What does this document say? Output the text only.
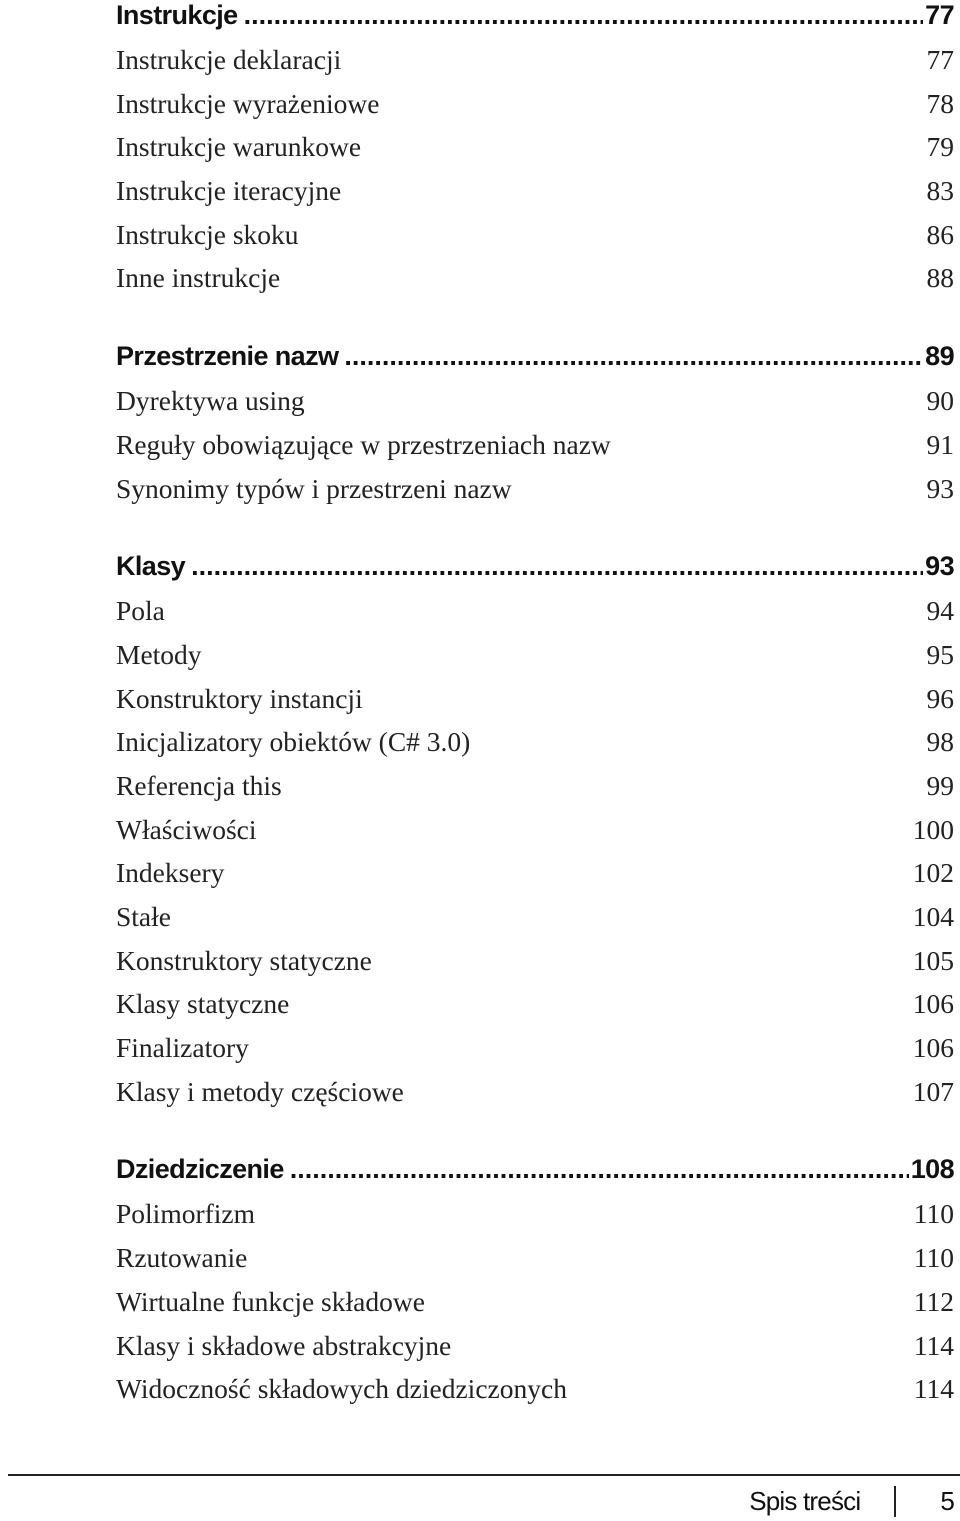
Instrukcje .....	77
Instrukcje deklaracji	77
Instrukcje wyrażeniowe	78
Instrukcje warunkowe	79
Instrukcje iteracyjne	83
Instrukcje skoku	86
Inne instrukcje	88
Przestrzenie nazw .....	89
Dyrektywa using	90
Reguły obowiązujące w przestrzeniach nazw	91
Synonimy typów i przestrzeni nazw	93
Klasy .....	93
Pola	94
Metody	95
Konstruktory instancji	96
Inicjalizatory obiektów (C# 3.0)	98
Referencja this	99
Właściwości	100
Indeksery	102
Stałe	104
Konstruktory statyczne	105
Klasy statyczne	106
Finalizatory	106
Klasy i metody częściowe	107
Dziedziczenie .....	108
Polimorfizm	110
Rzutowanie	110
Wirtualne funkcje składowe	112
Klasy i składowe abstrakcyjne	114
Widoczność składowych dziedziczonych	114
Spis treści	5
